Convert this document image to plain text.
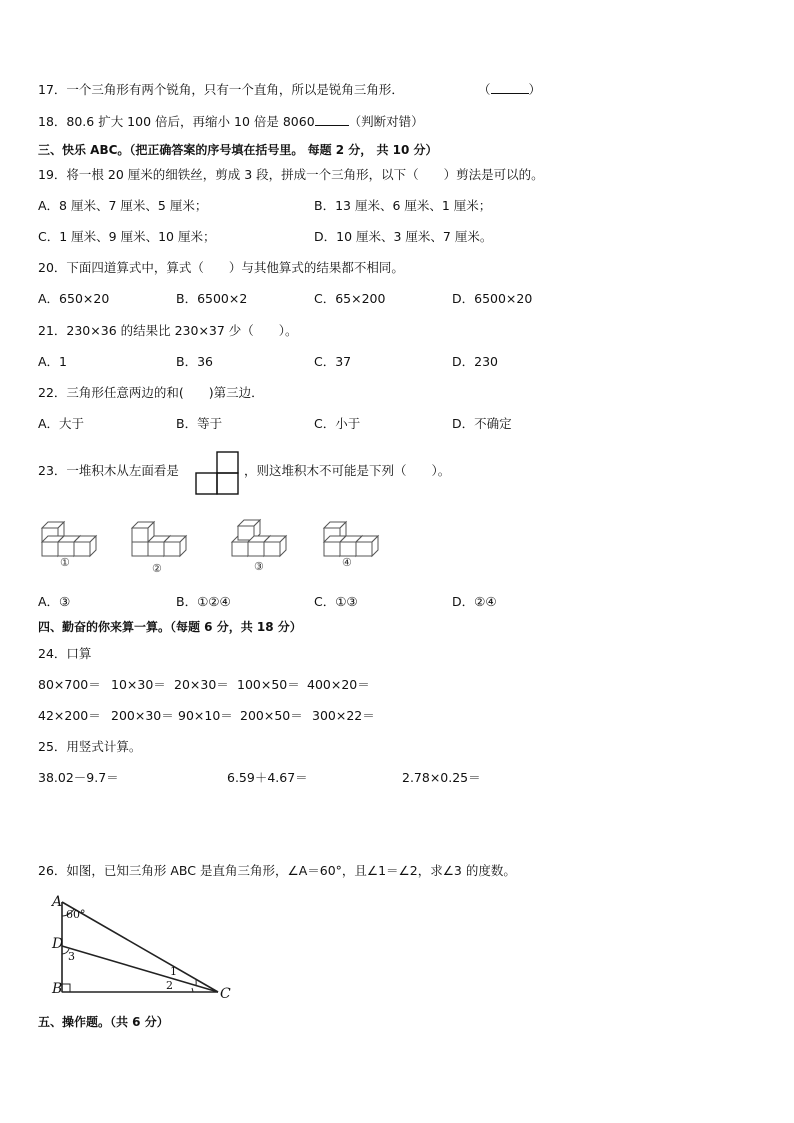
17．一个三角形有两个锐角，只有一个直角，所以是锐角三角形．	（	）
18．80.6 扩大 100 倍后，再缩小 10 倍是 8060	（判断对错）
三、快乐 ABC。（把正确答案的序号填在括号里。 每题 2 分， 共 10 分）
19．将一根 20 厘米的细铁丝，剪成 3 段，拼成一个三角形，以下（　　）剪法是可以的。
A．8 厘米、7 厘米、5 厘米；	B．13 厘米、6 厘米、1 厘米；
C．1 厘米、9 厘米、10 厘米；	D．10 厘米、3 厘米、7 厘米。
20．下面四道算式中，算式（　　）与其他算式的结果都不相同。
A．650×20	B．6500×2	C．65×200	D．6500×20
21．230×36 的结果比 230×37 少（　　）。
A．1	B．36	C．37	D．230
22．三角形任意两边的和(　　)第三边．
A．大于	B．等于	C．小于	D．不确定
23．一堆积木从左面看是	，则这堆积木不可能是下列（　　）。
①	②	③	④
A．③	B．①②④	C．①③	D．②④
四、勤奋的你来算一算。（每题 6 分，共 18 分）
24．口算
80×700＝ 10×30＝ 20×30＝ 100×50＝ 400×20＝
42×200＝ 200×30＝ 90×10＝ 200×50＝ 300×22＝
25．用竖式计算。
38.02－9.7＝	6.59＋4.67＝	2.78×0.25＝
26．如图，已知三角形 ABC 是直角三角形，∠A＝60°，且∠1＝∠2，求∠3 的度数。
A
60°
D
3
B	C
1
2
五、操作题。（共 6 分）
